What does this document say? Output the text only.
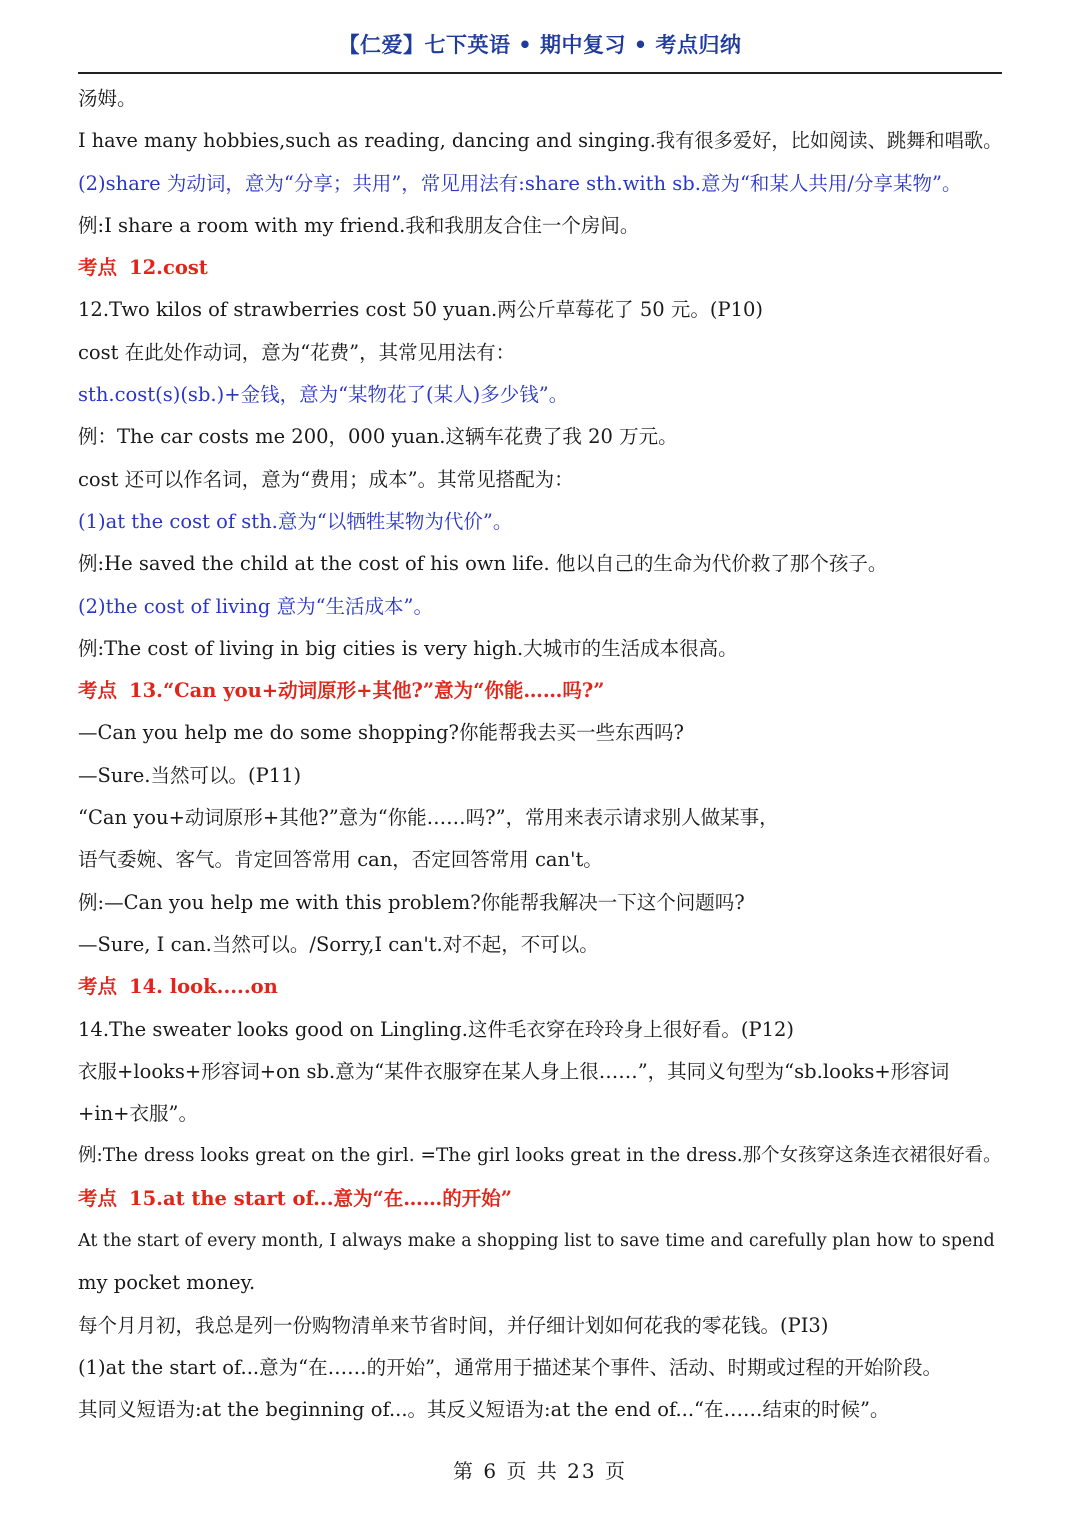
【仁爱】七下英语 • 期中复习 • 考点归纳
汤姆。
I have many hobbies,such as reading, dancing and singing.我有很多爱好，比如阅读、跳舞和唱歌。
(2)share 为动词，意为“分享；共用”，常见用法有:share sth.with sb.意为“和某人共用/分享某物”。
例:I share a room with my friend.我和我朋友合住一个房间。
考点 12.cost
12.Two kilos of strawberries cost 50 yuan.两公斤草莓花了 50 元。(P10)
cost 在此处作动词，意为“花费”，其常见用法有：
sth.cost(s)(sb.)+金钱，意为“某物花了(某人)多少钱”。
例：The car costs me 200，000 yuan.这辆车花费了我 20 万元。
cost 还可以作名词，意为“费用；成本”。其常见搭配为：
(1)at the cost of sth.意为“以牺牲某物为代价”。
例:He saved the child at the cost of his own life. 他以自己的生命为代价救了那个孩子。
(2)the cost of living 意为“生活成本”。
例:The cost of living in big cities is very high.大城市的生活成本很高。
考点 13.“Can you+动词原形+其他?”意为“你能……吗?”
—Can you help me do some shopping?你能帮我去买一些东西吗?
—Sure.当然可以。(P11)
“Can you+动词原形+其他?”意为“你能……吗?”，常用来表示请求别人做某事，
语气委婉、客气。肯定回答常用 can，否定回答常用 can't。
例:—Can you help me with this problem?你能帮我解决一下这个问题吗?
—Sure, I can.当然可以。/Sorry,I can't.对不起，不可以。
考点 14. look.....on
14.The sweater looks good on Lingling.这件毛衣穿在玲玲身上很好看。(P12)
衣服+looks+形容词+on sb.意为“某件衣服穿在某人身上很……”，其同义句型为“sb.looks+形容词
+in+衣服”。
例:The dress looks great on the girl. =The girl looks great in the dress.那个女孩穿这条连衣裙很好看。
考点 15.at the start of...意为“在……的开始”
At the start of every month, I always make a shopping list to save time and carefully plan how to spend
my pocket money.
每个月月初，我总是列一份购物清单来节省时间，并仔细计划如何花我的零花钱。(PI3)
(1)at the start of...意为“在……的开始”，通常用于描述某个事件、活动、时期或过程的开始阶段。
其同义短语为:at the beginning of...。其反义短语为:at the end of...“在……结束的时候”。
第 6 页 共 23 页
